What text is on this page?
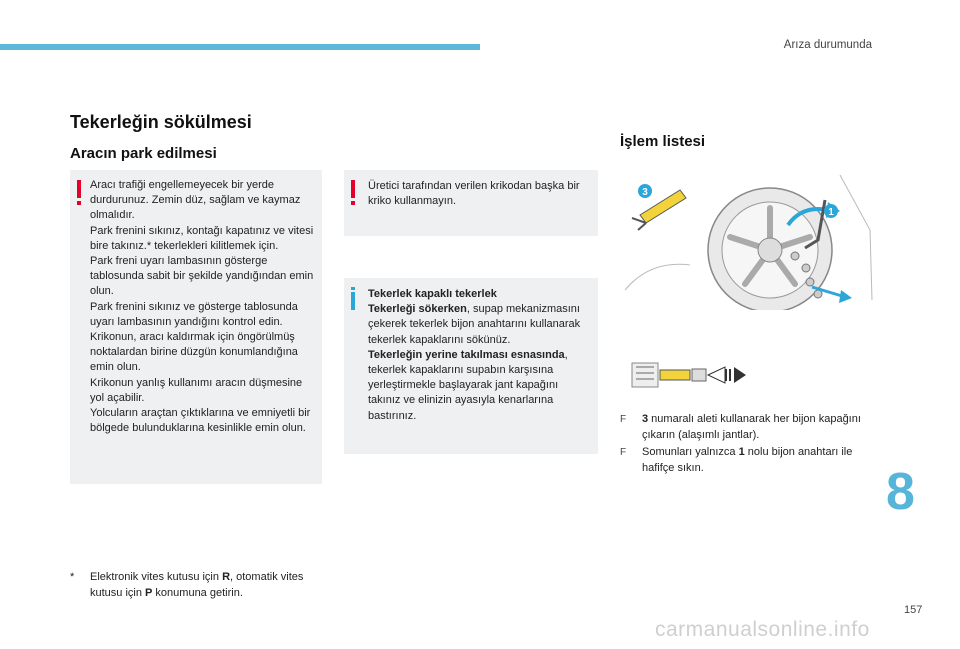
Arıza durumunda
Tekerleğin sökülmesi
Aracın park edilmesi

Aracı trafiği engellemeyecek bir yerde durdurunuz. Zemin düz, sağlam ve kaymaz olmalıdır.

Park frenini sıkınız, kontağı kapatınız ve vitesi bire takınız.* tekerlekleri kilitlemek için.

Park freni uyarı lambasının gösterge tablosunda sabit bir şekilde yandığından emin olun.

Park frenini sıkınız ve gösterge tablosunda uyarı lambasının yandığını kontrol edin.

Krikonun, aracı kaldırmak için öngörülmüş noktalardan birine düzgün konumlandığına emin olun.

Krikonun yanlış kullanımı aracın düşmesine yol açabilir.

Yolcuların araçtan çıktıklarına ve emniyetli bir bölgede bulunduklarına kesinlikle emin olun.

Üretici tarafından verilen krikodan başka bir kriko kullanmayın.

Tekerlek kapaklı tekerlek

Tekerleği sökerken, supap mekanizmasını çekerek tekerlek bijon anahtarını kullanarak tekerlek kapaklarını sökünüz.

Tekerleğin yerine takılması esnasında, tekerlek kapaklarını supabın karşısına yerleştirmekle başlayarak jant kapağını takınız ve elinizin ayasıyla kenarlarına bastırınız.

* Elektronik vites kutusu için R, otomatik vites kutusu için P konumuna getirin.
İşlem listesi
3
1
F 3 numaralı aleti kullanarak her bijon kapağını çıkarın (alaşımlı jantlar).
F Somunları yalnızca 1 nolu bijon anahtarı ile hafifçe sıkın.	8
157
carmanualsonline.info
